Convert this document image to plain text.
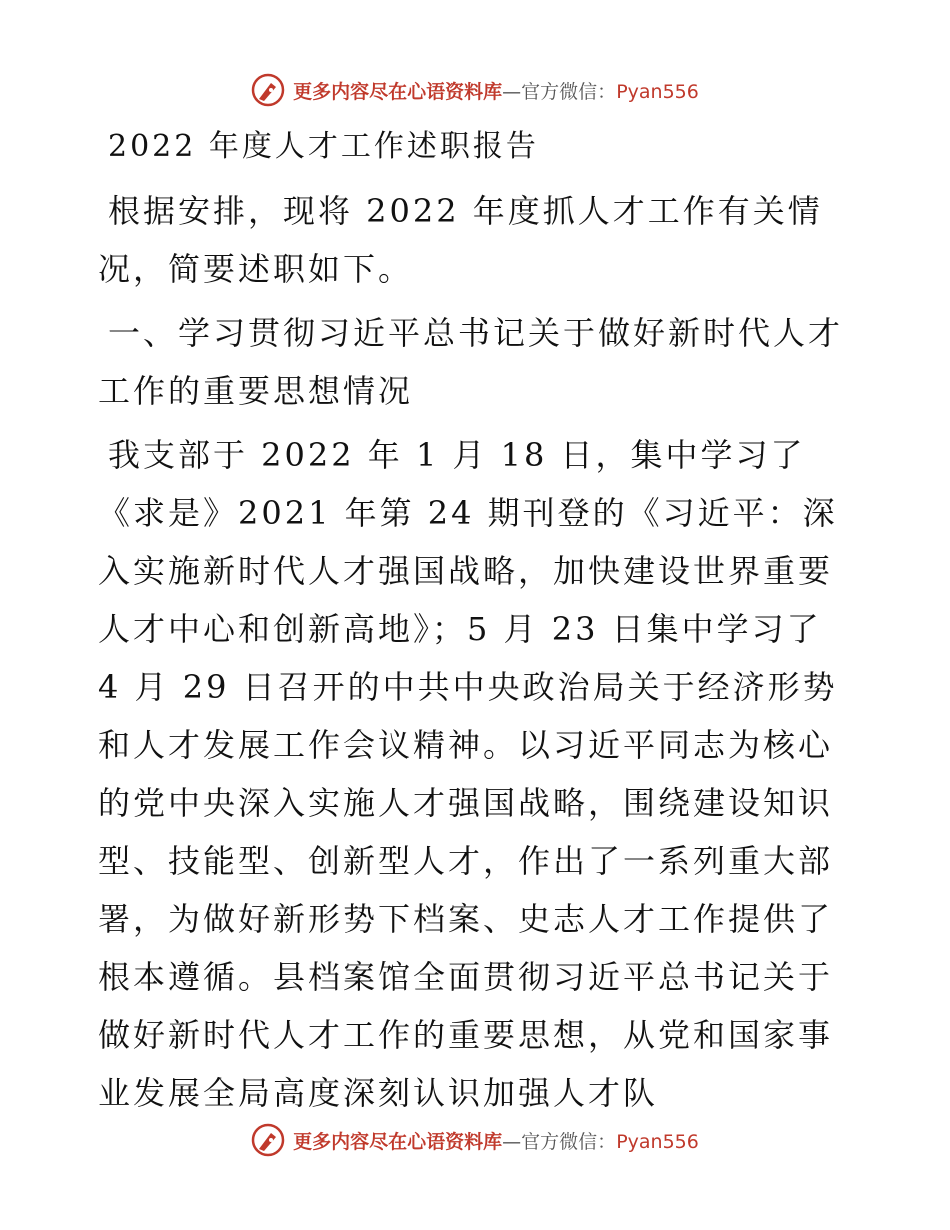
更多内容尽在心语资料库—官方微信：Pyan556
2022 年度人才工作述职报告

根据安排，现将 2022 年度抓人才工作有关情况，简要述职如下。

一、学习贯彻习近平总书记关于做好新时代人才工作的重要思想情况

我支部于 2022 年 1 月 18 日，集中学习了《求是》2021 年第 24 期刊登的《习近平：深入实施新时代人才强国战略，加快建设世界重要人才中心和创新高地》；5 月 23 日集中学习了 4 月 29 日召开的中共中央政治局关于经济形势和人才发展工作会议精神。以习近平同志为核心的党中央深入实施人才强国战略，围绕建设知识型、技能型、创新型人才，作出了一系列重大部署，为做好新形势下档案、史志人才工作提供了根本遵循。县档案馆全面贯彻习近平总书记关于做好新时代人才工作的重要思想，从党和国家事业发展全局高度深刻认识加强人才队

更多内容尽在心语资料库—官方微信：Pyan556
